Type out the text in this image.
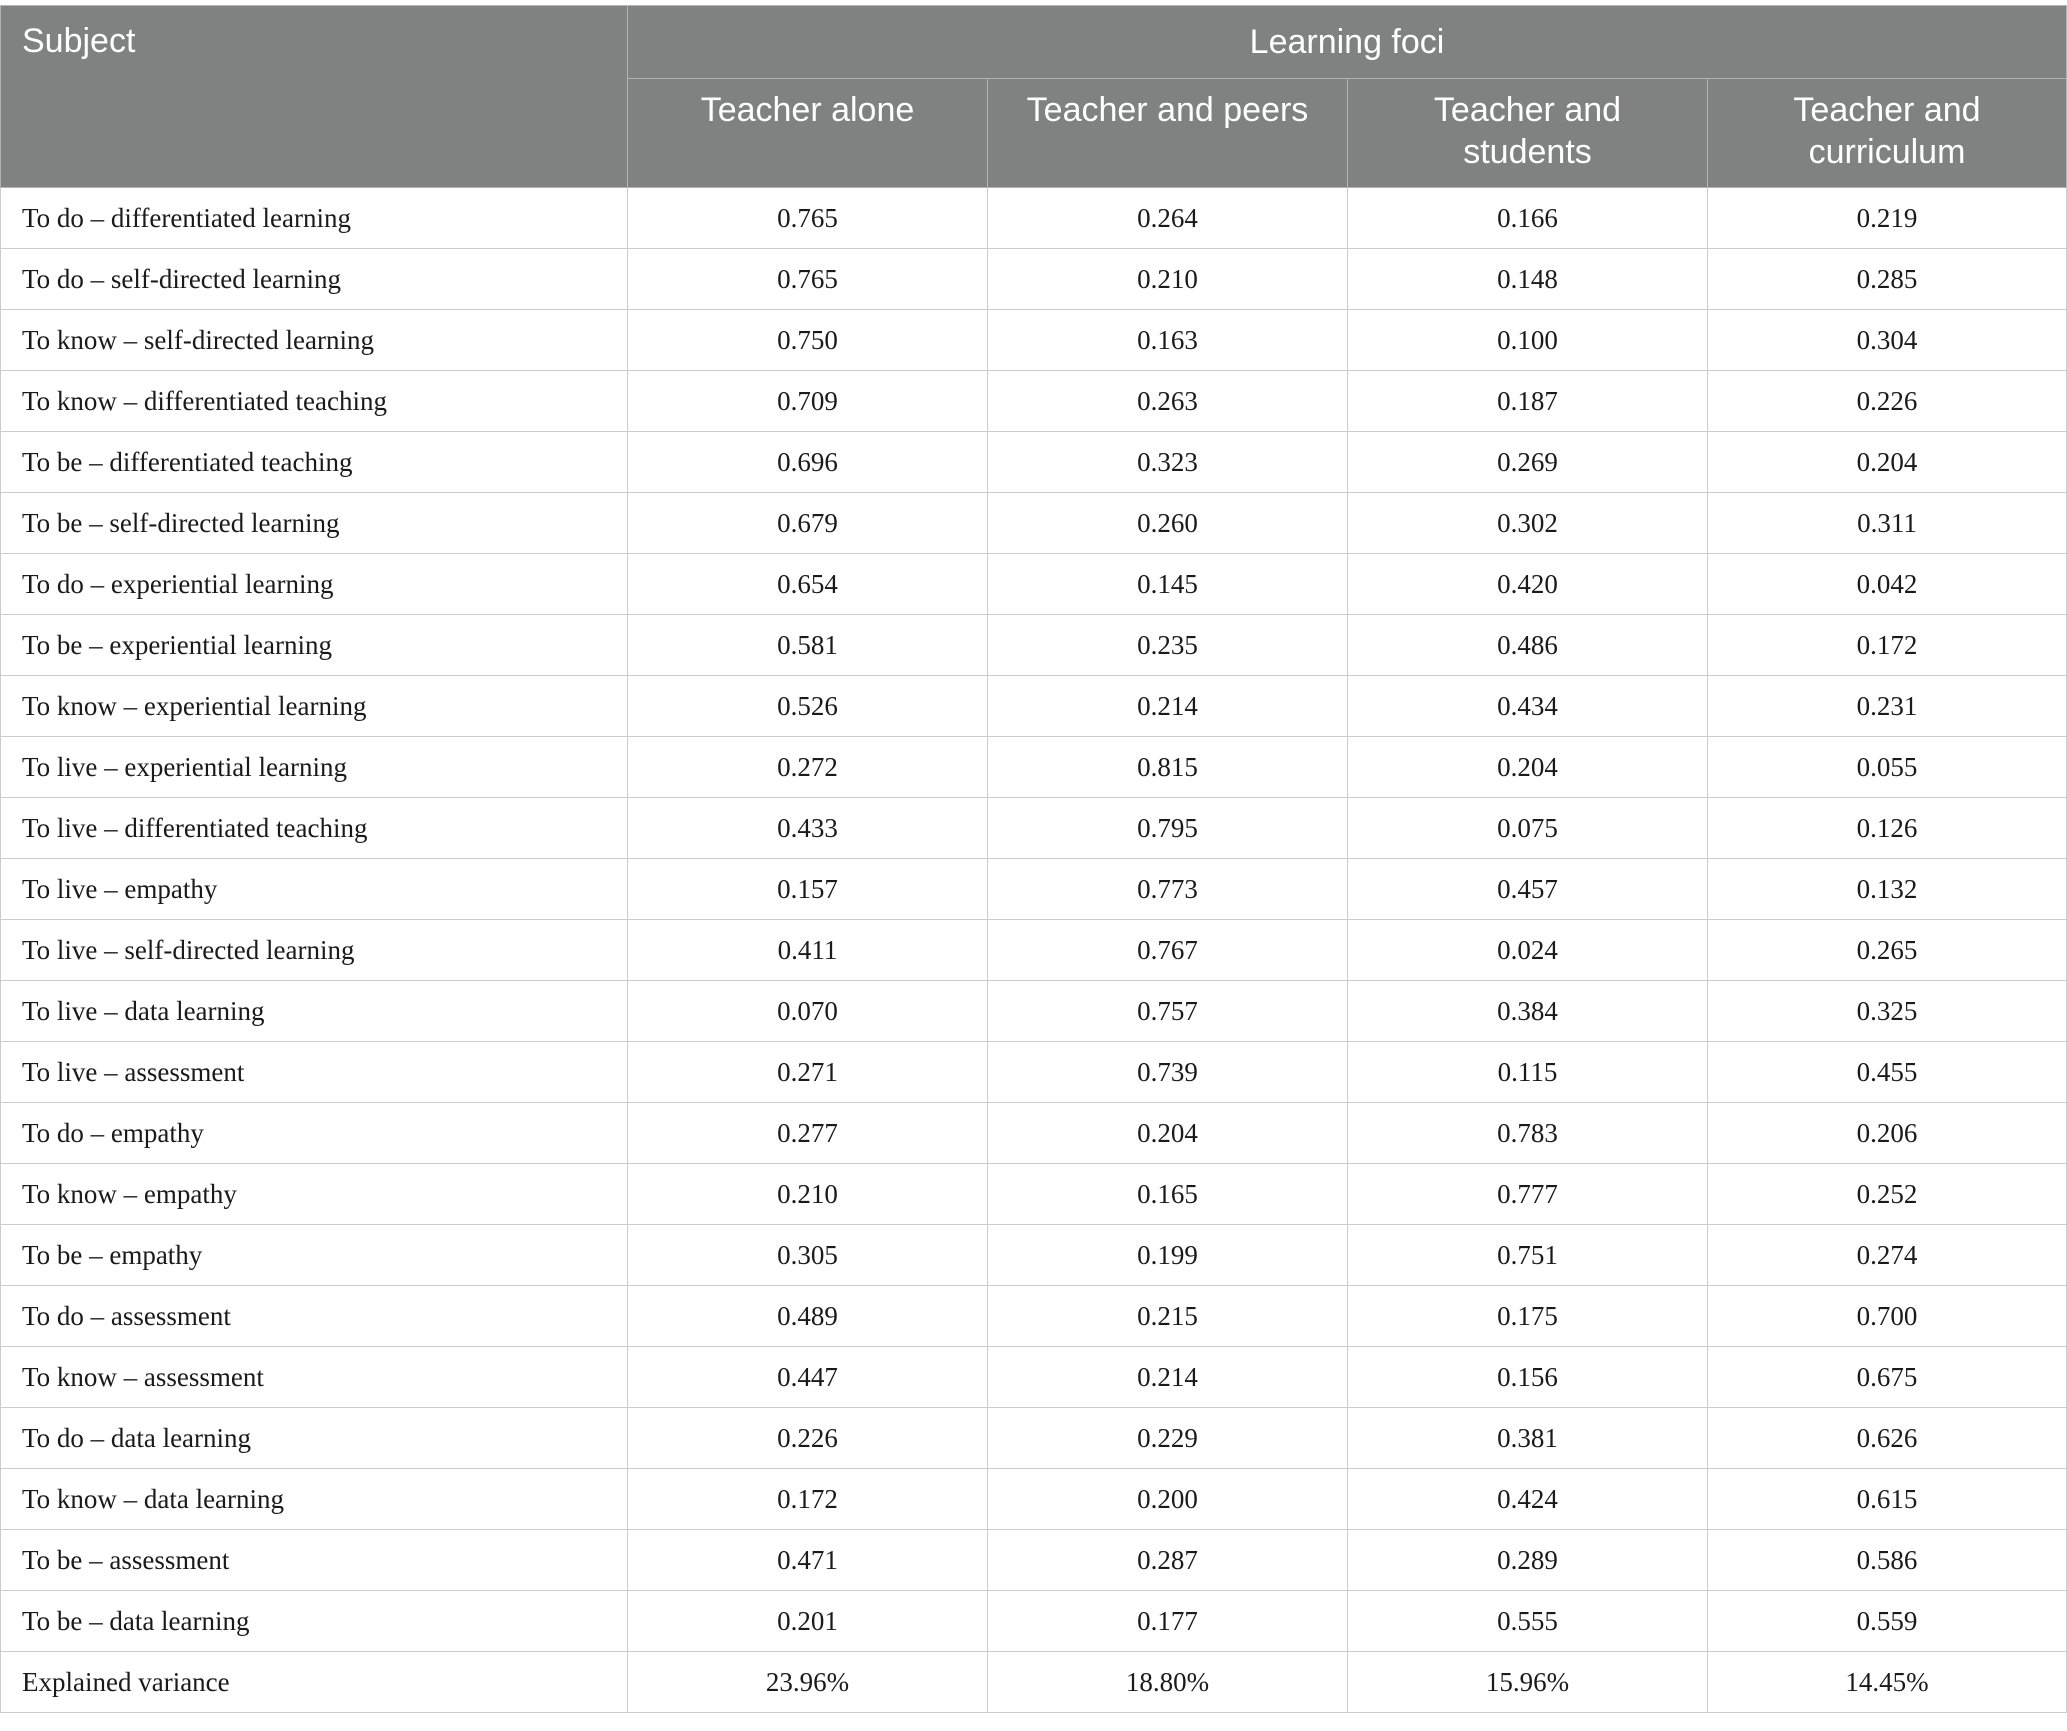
Subject	Learning foci			
	Teacher alone	Teacher and peers	Teacher and students	Teacher and curriculum
To do – differentiated learning	0.765	0.264	0.166	0.219
To do – self-directed learning	0.765	0.210	0.148	0.285
To know – self-directed learning	0.750	0.163	0.100	0.304
To know – differentiated teaching	0.709	0.263	0.187	0.226
To be – differentiated teaching	0.696	0.323	0.269	0.204
To be – self-directed learning	0.679	0.260	0.302	0.311
To do – experiential learning	0.654	0.145	0.420	0.042
To be – experiential learning	0.581	0.235	0.486	0.172
To know – experiential learning	0.526	0.214	0.434	0.231
To live – experiential learning	0.272	0.815	0.204	0.055
To live – differentiated teaching	0.433	0.795	0.075	0.126
To live – empathy	0.157	0.773	0.457	0.132
To live – self-directed learning	0.411	0.767	0.024	0.265
To live – data learning	0.070	0.757	0.384	0.325
To live – assessment	0.271	0.739	0.115	0.455
To do – empathy	0.277	0.204	0.783	0.206
To know – empathy	0.210	0.165	0.777	0.252
To be – empathy	0.305	0.199	0.751	0.274
To do – assessment	0.489	0.215	0.175	0.700
To know – assessment	0.447	0.214	0.156	0.675
To do – data learning	0.226	0.229	0.381	0.626
To know – data learning	0.172	0.200	0.424	0.615
To be – assessment	0.471	0.287	0.289	0.586
To be – data learning	0.201	0.177	0.555	0.559
Explained variance	23.96%	18.80%	15.96%	14.45%
